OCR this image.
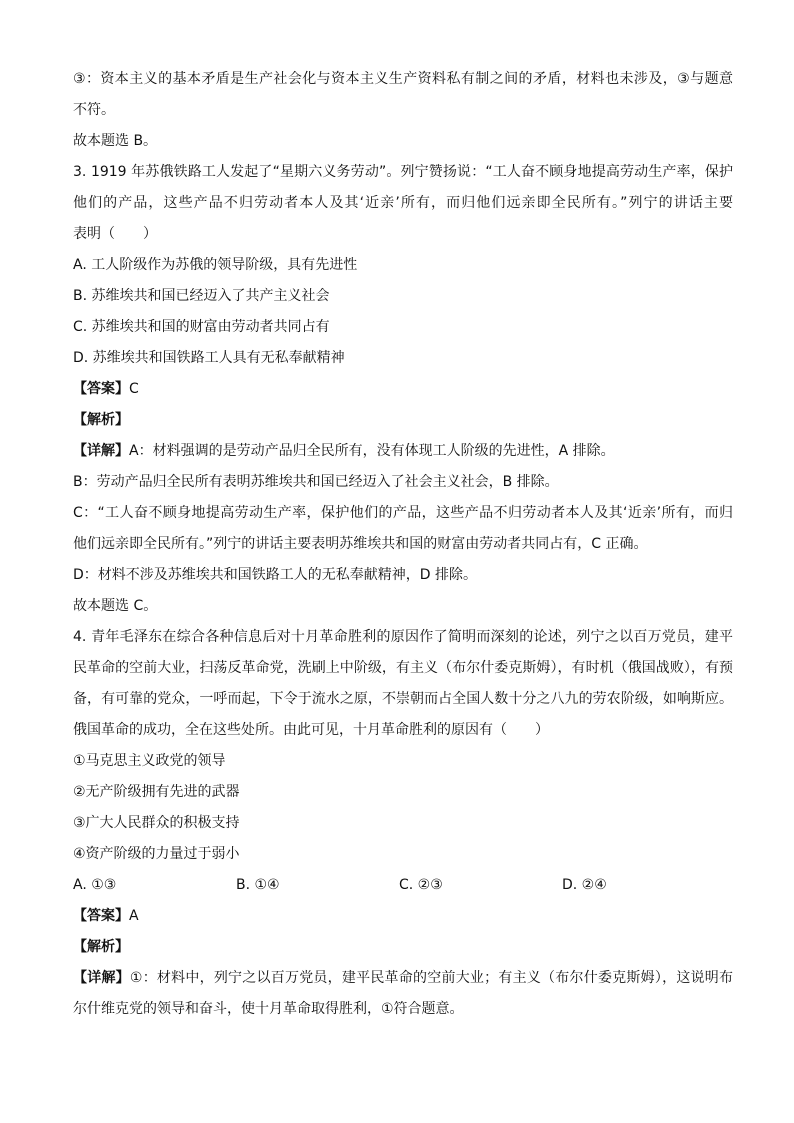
③：资本主义的基本矛盾是生产社会化与资本主义生产资料私有制之间的矛盾，材料也未涉及，③与题意
不符。
故本题选 B。
3. 1919 年苏俄铁路工人发起了“星期六义务劳动”。列宁赞扬说：“工人奋不顾身地提高劳动生产率，保护
他们的产品，这些产品不归劳动者本人及其‘近亲’所有，而归他们远亲即全民所有。”列宁的讲话主要
表明（　　）
A. 工人阶级作为苏俄的领导阶级，具有先进性
B. 苏维埃共和国已经迈入了共产主义社会
C. 苏维埃共和国的财富由劳动者共同占有
D. 苏维埃共和国铁路工人具有无私奉献精神
【答案】C
【解析】
【详解】A：材料强调的是劳动产品归全民所有，没有体现工人阶级的先进性，A 排除。
B：劳动产品归全民所有表明苏维埃共和国已经迈入了社会主义社会，B 排除。
C：“工人奋不顾身地提高劳动生产率，保护他们的产品，这些产品不归劳动者本人及其‘近亲’所有，而归
他们远亲即全民所有。”列宁的讲话主要表明苏维埃共和国的财富由劳动者共同占有，C 正确。
D：材料不涉及苏维埃共和国铁路工人的无私奉献精神，D 排除。
故本题选 C。
4. 青年毛泽东在综合各种信息后对十月革命胜利的原因作了简明而深刻的论述，列宁之以百万党员，建平
民革命的空前大业，扫荡反革命党，洗刷上中阶级，有主义（布尔什委克斯姆），有时机（俄国战败），有预
备，有可靠的党众，一呼而起，下令于流水之原，不崇朝而占全国人数十分之八九的劳农阶级，如响斯应。
俄国革命的成功，全在这些处所。由此可见，十月革命胜利的原因有（　　）
①马克思主义政党的领导
②无产阶级拥有先进的武器
③广大人民群众的积极支持
④资产阶级的力量过于弱小
A. ①③	B. ①④	C. ②③	D. ②④
【答案】A
【解析】
【详解】①：材料中，列宁之以百万党员，建平民革命的空前大业；有主义（布尔什委克斯姆），这说明布
尔什维克党的领导和奋斗，使十月革命取得胜利，①符合题意。
